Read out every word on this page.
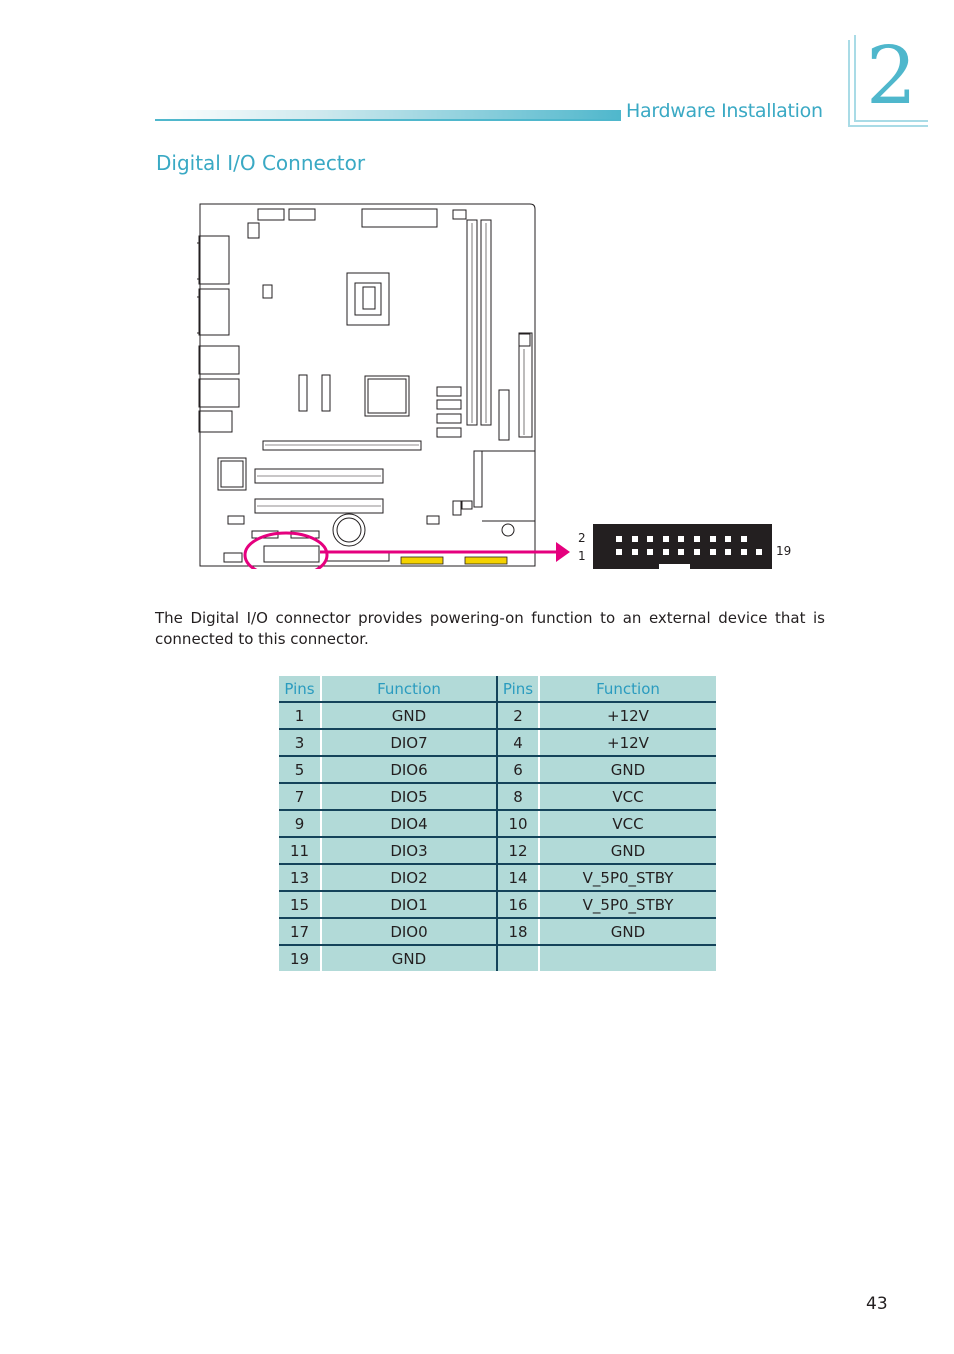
Hardware Installation 2
Digital I/O Connector
2
1	19
The Digital I/O connector provides powering-on function to an external device that is connected to this connector.
Pins	Function	Pins	Function
1	GND	2	+12V
3	DIO7	4	+12V
5	DIO6	6	GND
7	DIO5	8	VCC
9	DIO4	10	VCC
11	DIO3	12	GND
13	DIO2	14	V_5P0_STBY
15	DIO1	16	V_5P0_STBY
17	DIO0	18	GND
19	GND		
43
